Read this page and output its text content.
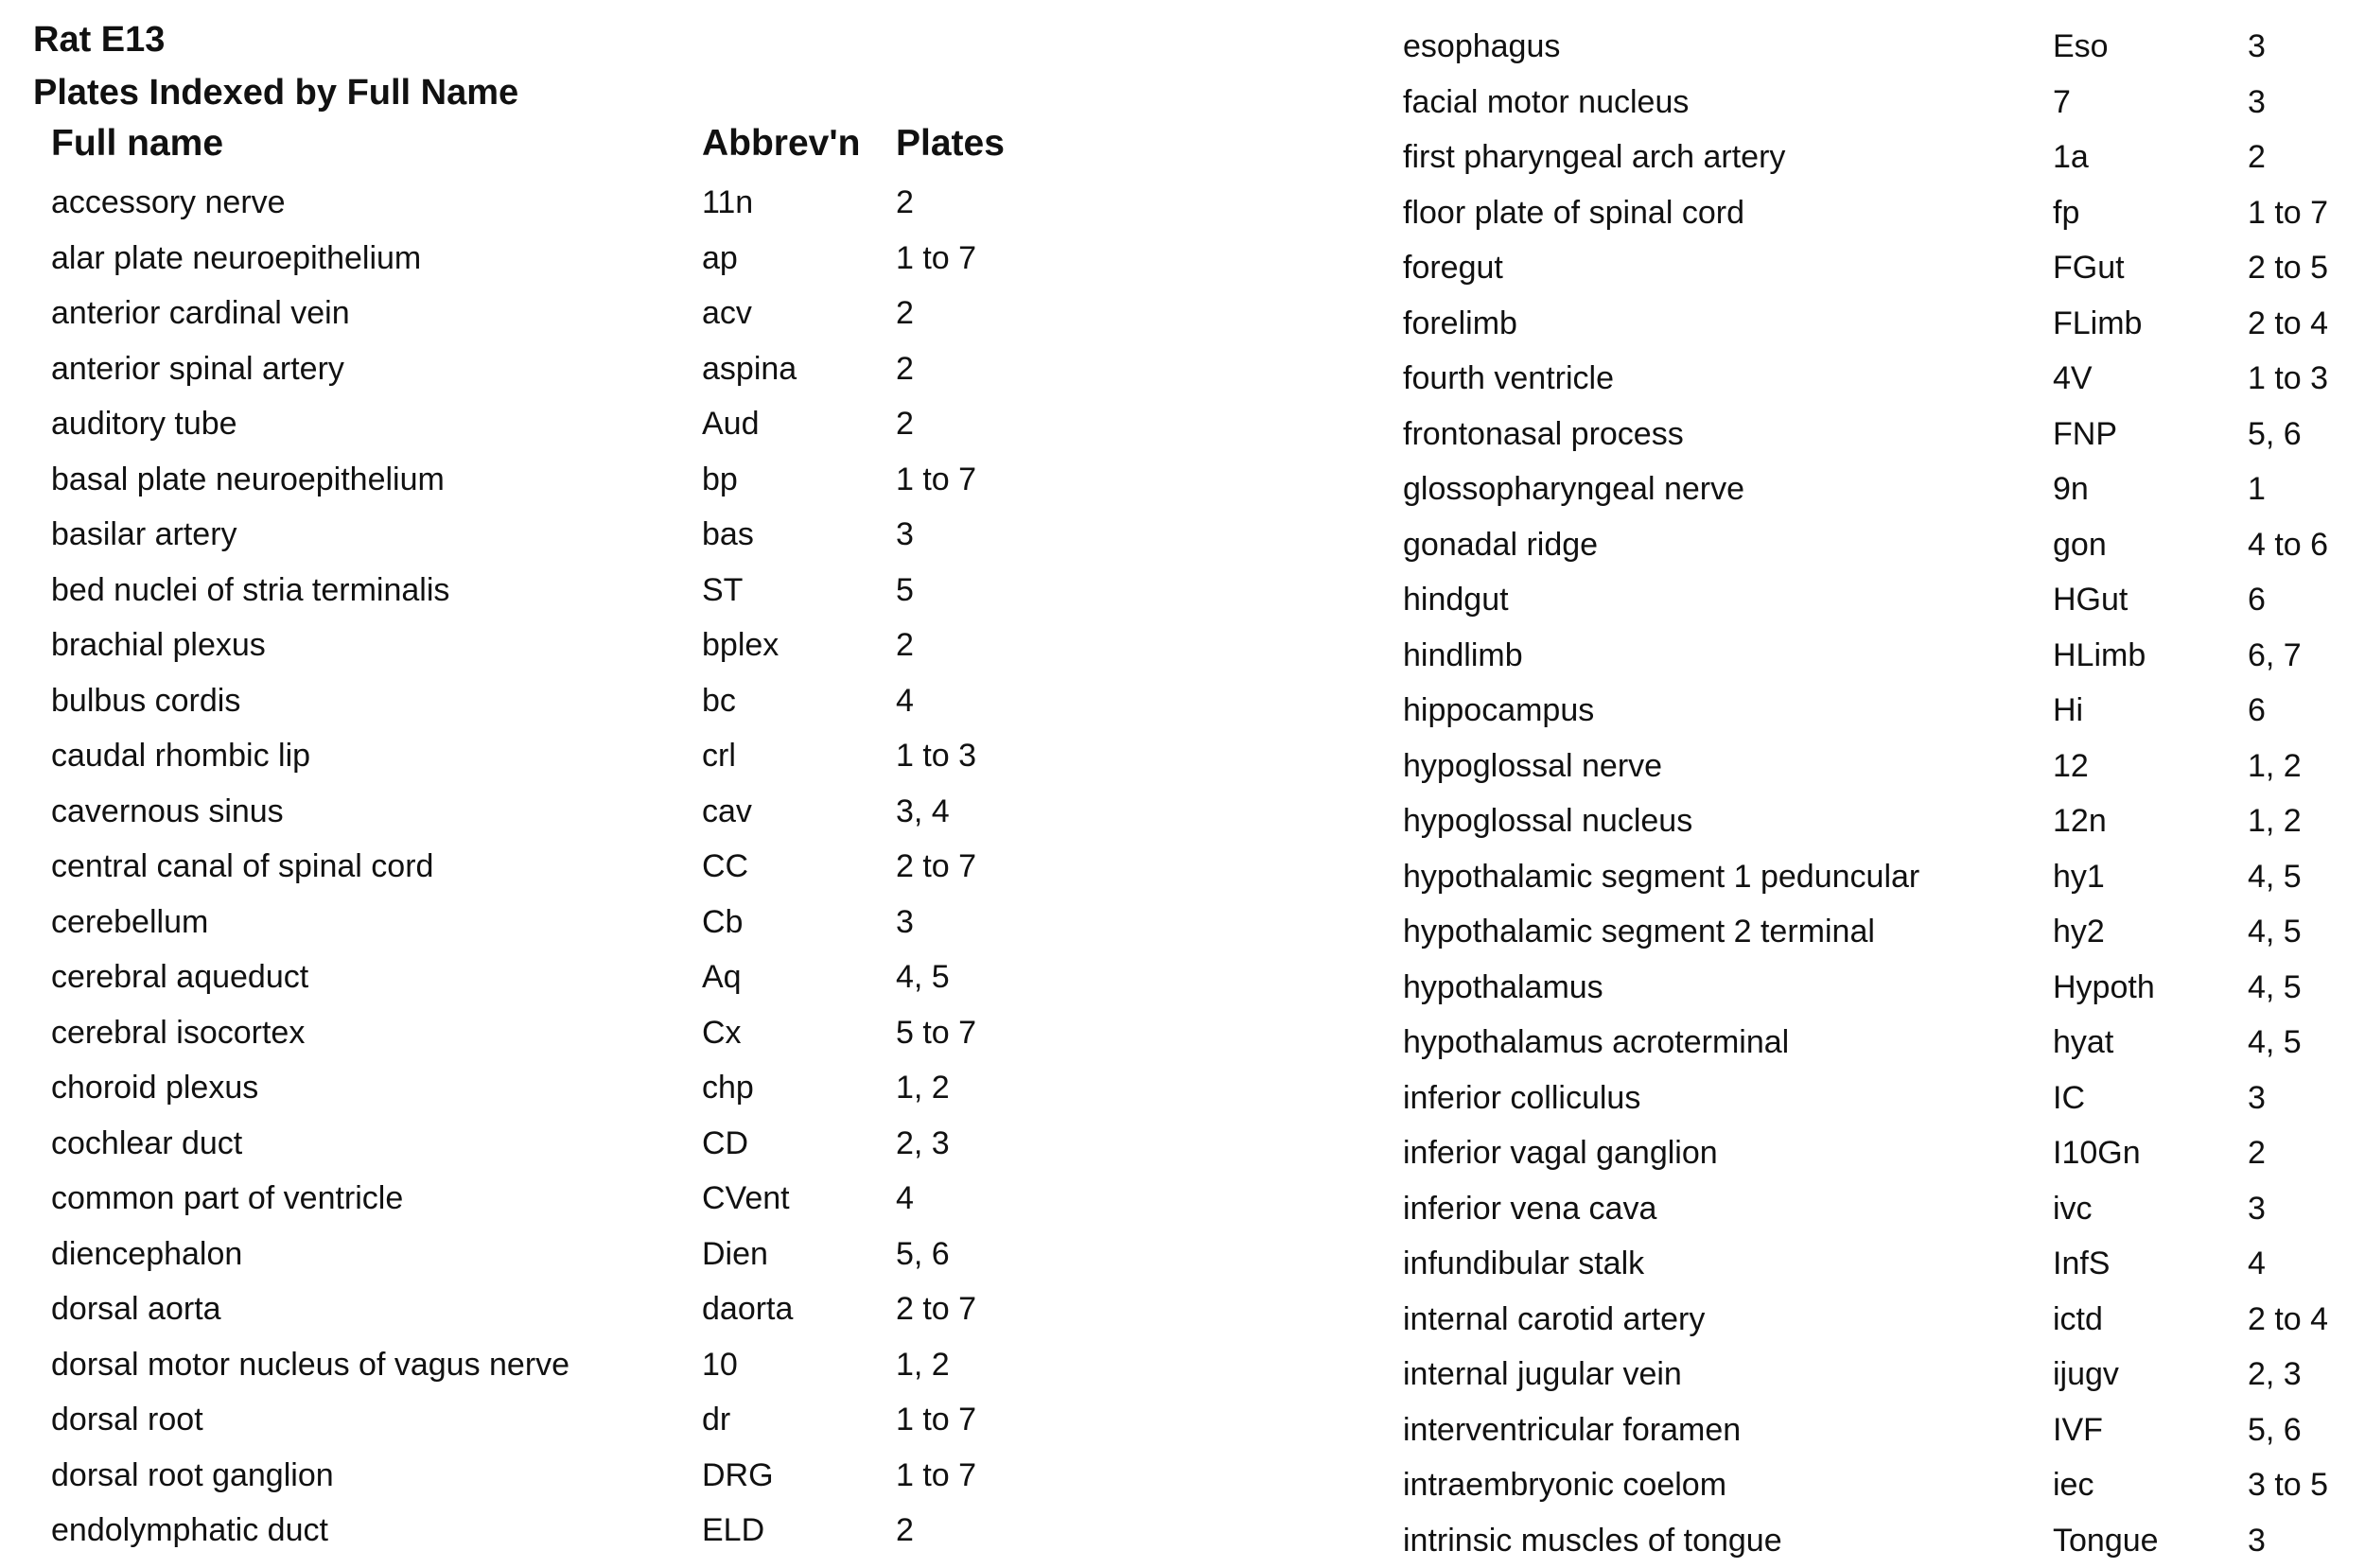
Rat E13
Plates Indexed by Full Name
Full name	Abbrev'n Plates
accessory nerve	11n	2
alar plate neuroepithelium	ap	1 to 7
anterior cardinal vein	acv	2
anterior spinal artery	aspina	2
auditory tube	Aud	2
basal plate neuroepithelium	bp	1 to 7
basilar artery	bas	3
bed nuclei of stria terminalis	ST	5
brachial plexus	bplex	2
bulbus cordis	bc	4
caudal rhombic lip	crl	1 to 3
cavernous sinus	cav	3, 4
central canal of spinal cord	CC	2 to 7
cerebellum	Cb	3
cerebral aqueduct	Aq	4, 5
cerebral isocortex	Cx	5 to 7
choroid plexus	chp	1, 2
cochlear duct	CD	2, 3
common part of ventricle	CVent	4
diencephalon	Dien	5, 6
dorsal aorta	daorta	2 to 7
dorsal motor nucleus of vagus nerve	10	1, 2
dorsal root	dr	1 to 7
dorsal root ganglion	DRG	1 to 7
endolymphatic duct	ELD	2
esophagus	Eso	3
facial motor nucleus	7	3
first pharyngeal arch artery	1a	2
floor plate of spinal cord	fp	1 to 7
foregut	FGut	2 to 5
forelimb	FLimb	2 to 4
fourth ventricle	4V	1 to 3
frontonasal process	FNP	5, 6
glossopharyngeal nerve	9n	1
gonadal ridge	gon	4 to 6
hindgut	HGut	6
hindlimb	HLimb	6, 7
hippocampus	Hi	6
hypoglossal nerve	12	1, 2
hypoglossal nucleus	12n	1, 2
hypothalamic segment 1 peduncular	hy1	4, 5
hypothalamic segment 2 terminal	hy2	4, 5
hypothalamus	Hypoth	4, 5
hypothalamus acroterminal	hyat	4, 5
inferior colliculus	IC	3
inferior vagal ganglion	I10Gn	2
inferior vena cava	ivc	3
infundibular stalk	InfS	4
internal carotid artery	ictd	2 to 4
internal jugular vein	ijugv	2, 3
interventricular foramen	IVF	5, 6
intraembryonic coelom	iec	3 to 5
intrinsic muscles of tongue	Tongue	3
